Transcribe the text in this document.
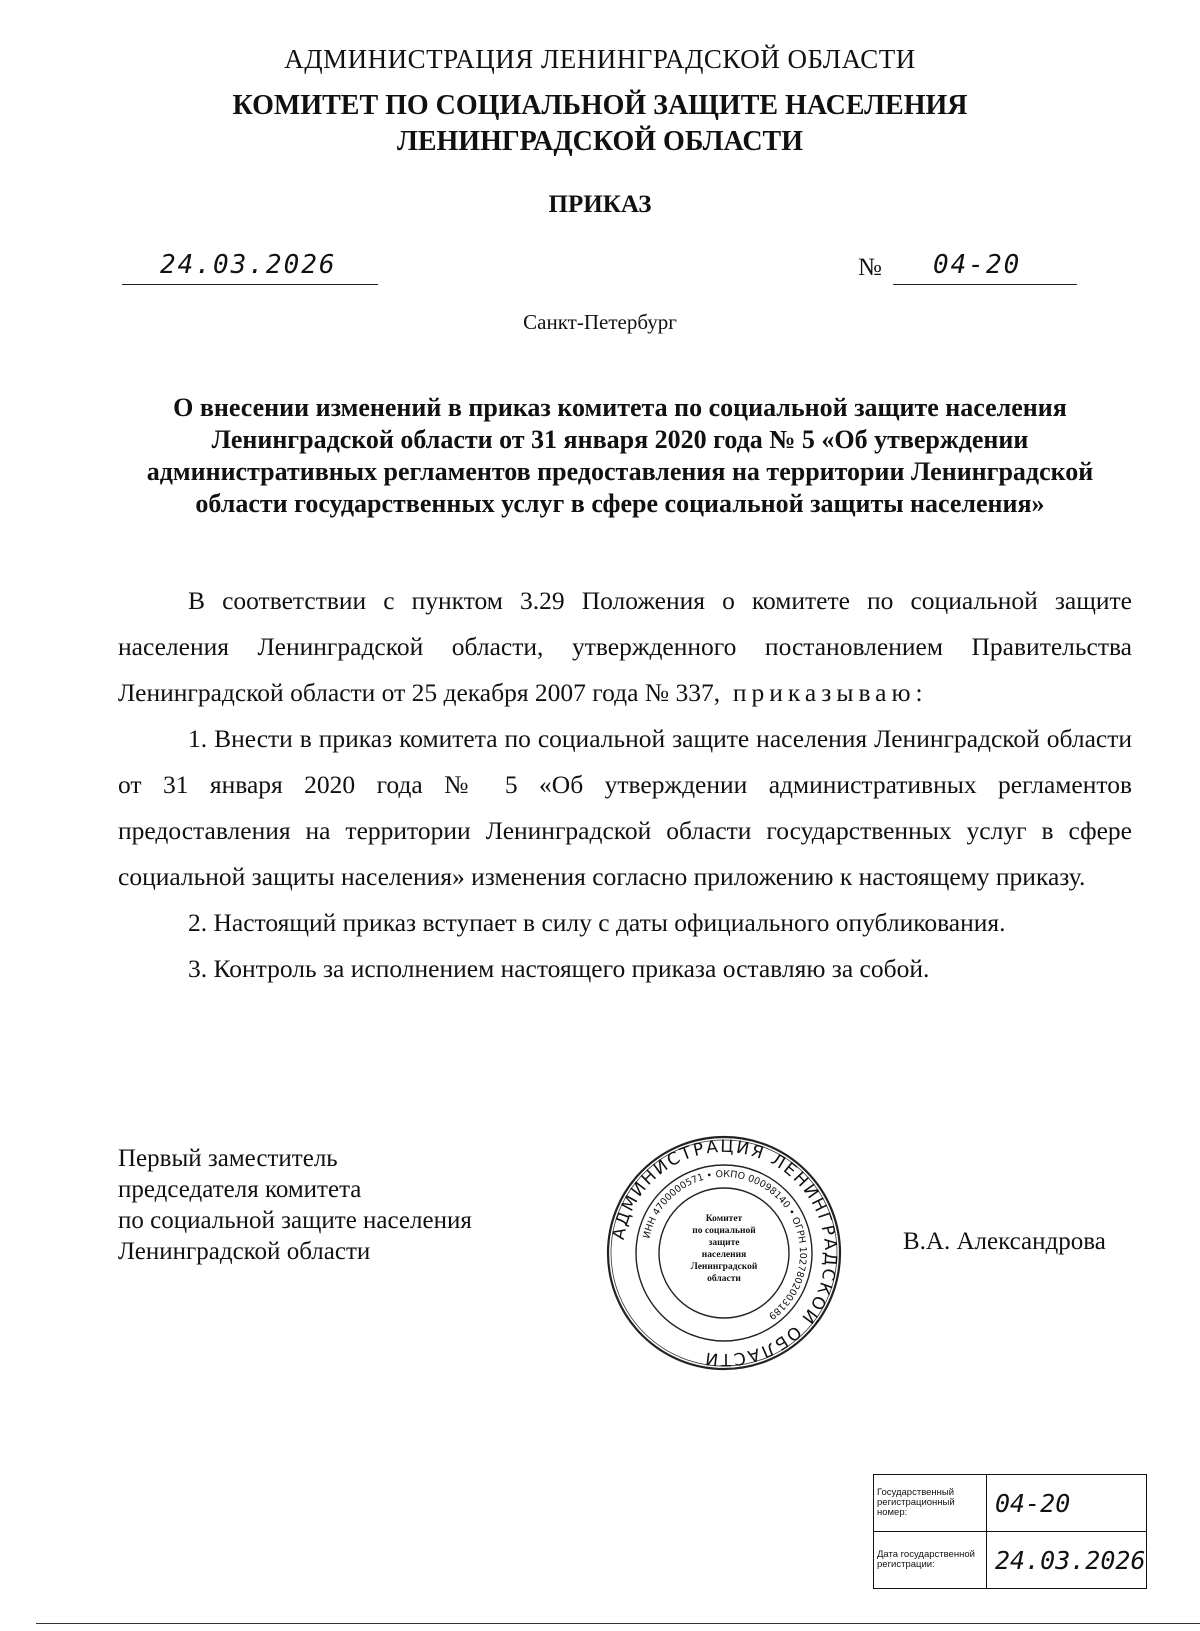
АДМИНИСТРАЦИЯ ЛЕНИНГРАДСКОЙ ОБЛАСТИ
КОМИТЕТ ПО СОЦИАЛЬНОЙ ЗАЩИТЕ НАСЕЛЕНИЯ
ЛЕНИНГРАДСКОЙ ОБЛАСТИ
ПРИКАЗ
24.03.2026	№ 04-20
Санкт-Петербург
О внесении изменений в приказ комитета по социальной защите населения Ленинградской области от 31 января 2020 года № 5 «Об утверждении административных регламентов предоставления на территории Ленинградской области государственных услуг в сфере социальной защиты населения»

В соответствии с пунктом 3.29 Положения о комитете по социальной защите населения Ленинградской области, утвержденного постановлением Правительства Ленинградской области от 25 декабря 2007 года № 337, приказываю:

1. Внести в приказ комитета по социальной защите населения Ленинградской области от 31 января 2020 года № 5 «Об утверждении административных регламентов предоставления на территории Ленинградской области государственных услуг в сфере социальной защиты населения» изменения согласно приложению к настоящему приказу.

2. Настоящий приказ вступает в силу с даты официального опубликования.

3. Контроль за исполнением настоящего приказа оставляю за собой.

Первый заместитель
председателя комитета
по социальной защите населения
Ленинградской области
АДМИНИСТРАЦИЯ ЛЕНИНГРАДСКОЙ ОБЛАСТИ
ИНН 4700000571 • ОКПО 00098140 • ОГРН 1027802003189
Комитет
по социальной
защите
населения
Ленинградской
области
В.А. Александрова
Государственный регистрационный номер:	04-20
Дата государственной регистрации:	24.03.2026
